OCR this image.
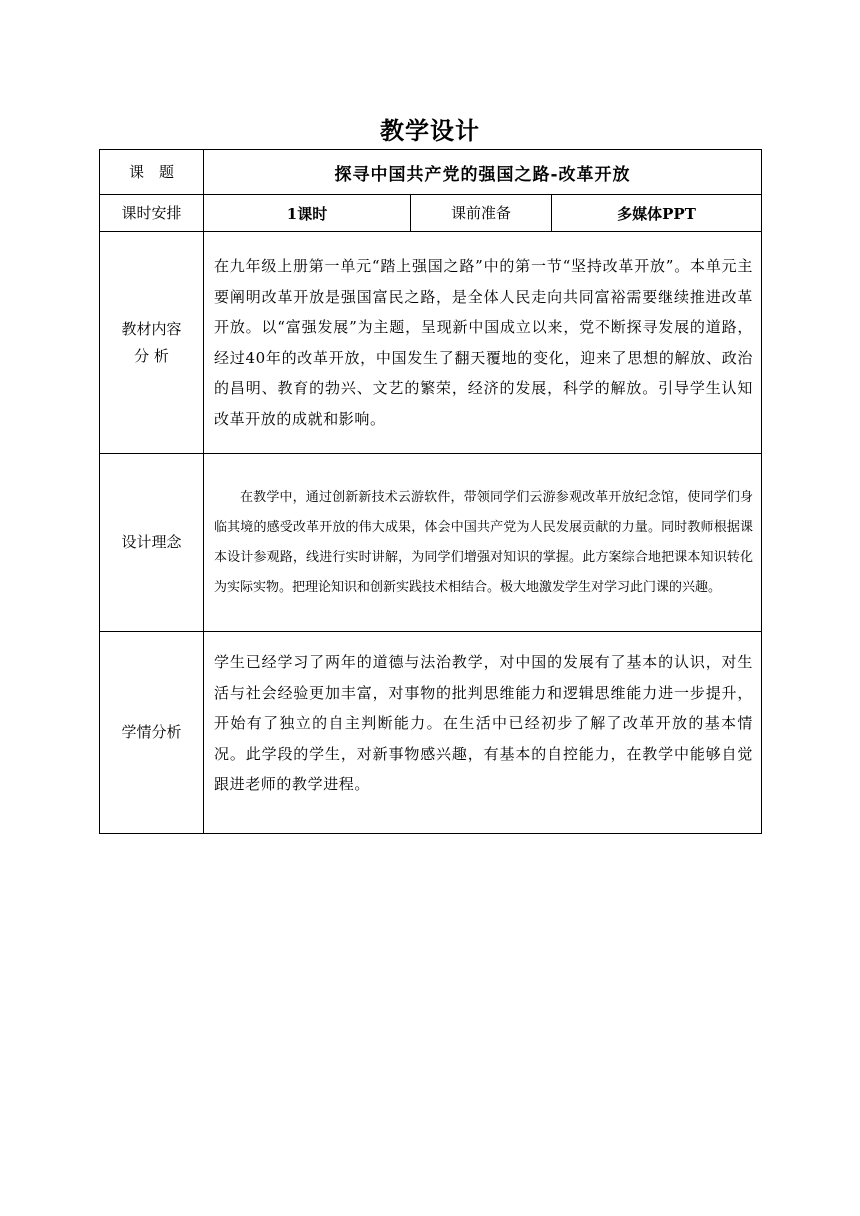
教学设计
课　题	探寻中国共产党的强国之路-改革开放		
课时安排	1课时	课前准备	多媒体PPT

教材内容
分 析	在九年级上册第一单元“踏上强国之路”中的第一节“坚持改革开放”。本单元主要阐明改革开放是强国富民之路，是全体人民走向共同富裕需要继续推进改革开放。以“富强发展”为主题，呈现新中国成立以来，党不断探寻发展的道路，经过40年的改革开放，中国发生了翻天覆地的变化，迎来了思想的解放、政治的昌明、教育的勃兴、文艺的繁荣，经济的发展，科学的解放。引导学生认知改革开放的成就和影响。		

设计理念	在教学中，通过创新新技术云游软件，带领同学们云游参观改革开放纪念馆，使同学们身临其境的感受改革开放的伟大成果，体会中国共产党为人民发展贡献的力量。同时教师根据课本设计参观路，线进行实时讲解，为同学们增强对知识的掌握。此方案综合地把课本知识转化为实际实物。把理论知识和创新实践技术相结合。极大地激发学生对学习此门课的兴趣。		

学情分析	学生已经学习了两年的道德与法治教学，对中国的发展有了基本的认识，对生活与社会经验更加丰富，对事物的批判思维能力和逻辑思维能力进一步提升，开始有了独立的自主判断能力。在生活中已经初步了解了改革开放的基本情况。此学段的学生，对新事物感兴趣，有基本的自控能力，在教学中能够自觉跟进老师的教学进程。		
